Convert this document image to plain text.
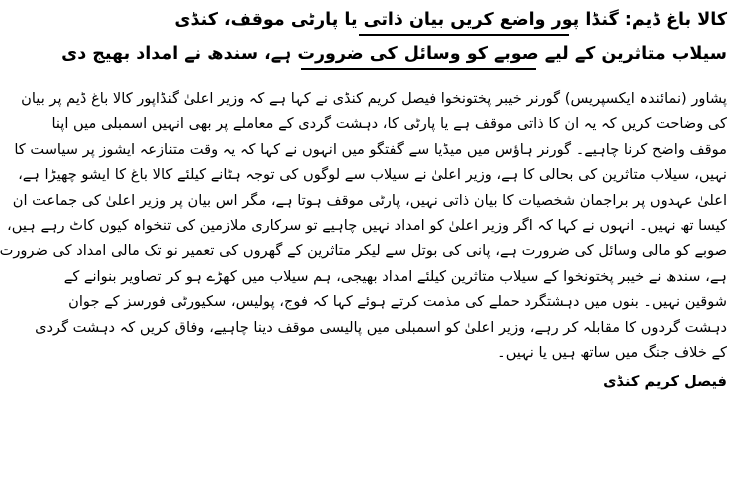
کالا باغ ڈیم: گنڈا پور واضع کریں بیان ذاتی یا پارٹی موقف، کنڈی
سیلاب متاثرین کے لیے صوبے کو وسائل کی ضرورت ہے، سندھ نے امداد بھیج دی
پشاور (نمائندہ ایکسپریس) گورنر خیبر پختونخوا فیصل کریم کنڈی نے کہا ہے کہ وزیر اعلیٰ گنڈاپور کالا باغ ڈیم پر بیان
کی وضاحت کریں کہ یہ ان کا ذاتی موقف ہے یا پارٹی کا، دہشت گردی کے معاملے پر بھی انہیں اسمبلی میں اپنا
موقف واضح کرنا چاہیے۔ گورنر ہاؤس میں میڈیا سے گفتگو میں انہوں نے کہا کہ یہ وقت متنازعہ ایشوز پر سیاست کا
نہیں، سیلاب متاثرین کی بحالی کا ہے، وزیر اعلیٰ نے سیلاب سے لوگوں کی توجہ ہٹانے کیلئے کالا باغ کا ایشو چھیڑا ہے،
اعلیٰ عہدوں پر براجمان شخصیات کا بیان ذاتی نہیں، پارٹی موقف ہوتا ہے، مگر اس بیان پر وزیر اعلیٰ کی جماعت ان
کیسا تھ نہیں۔ انہوں نے کہا کہ اگر وزیر اعلیٰ کو امداد نہیں چاہیے تو سرکاری ملازمین کی تنخواہ کیوں کاٹ رہے ہیں،
صوبے کو مالی وسائل کی ضرورت ہے، پانی کی بوتل سے لیکر متاثرین کے گھروں کی تعمیر نو تک مالی امداد کی ضرورت
ہے، سندھ نے خیبر پختونخوا کے سیلاب متاثرین کیلئے امداد بھیجی، ہم سیلاب میں کھڑے ہو کر تصاویر بنوانے کے
شوقین نہیں۔ بنوں میں دہشتگرد حملے کی مذمت کرتے ہوئے کہا کہ فوج، پولیس، سکیورٹی فورسز کے جوان
دہشت گردوں کا مقابلہ کر رہے، وزیر اعلیٰ کو اسمبلی میں پالیسی موقف دینا چاہیے، وفاق کریں کہ دہشت گردی
کے خلاف جنگ میں ساتھ ہیں یا نہیں۔
فیصل کریم کنڈی
